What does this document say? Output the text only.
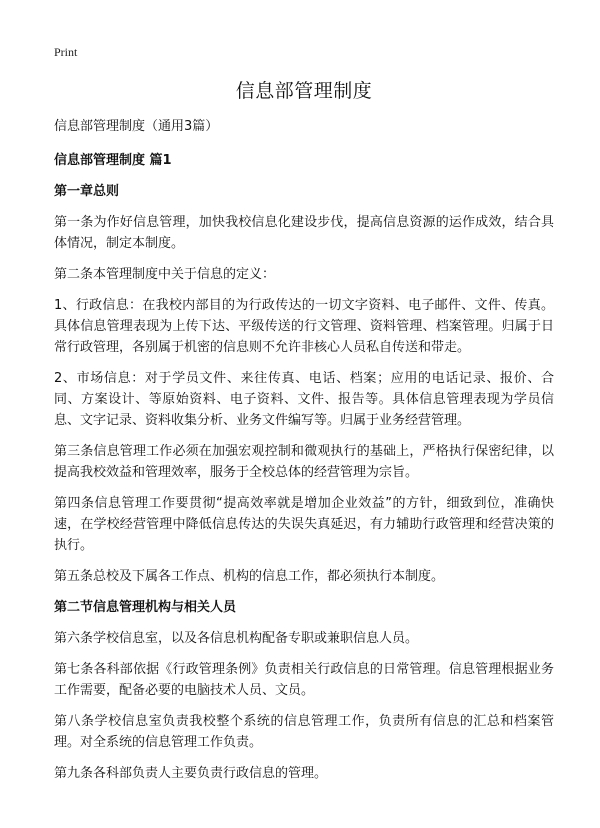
Print
信息部管理制度
信息部管理制度（通用3篇）
信息部管理制度 篇1
第一章总则
第一条为作好信息管理，加快我校信息化建设步伐，提高信息资源的运作成效，结合具体情况，制定本制度。
第二条本管理制度中关于信息的定义：
1、行政信息：在我校内部目的为行政传达的一切文字资料、电子邮件、文件、传真。具体信息管理表现为上传下达、平级传送的行文管理、资料管理、档案管理。归属于日常行政管理，各别属于机密的信息则不允许非核心人员私自传送和带走。
2、市场信息：对于学员文件、来往传真、电话、档案；应用的电话记录、报价、合同、方案设计、等原始资料、电子资料、文件、报告等。具体信息管理表现为学员信息、文字记录、资料收集分析、业务文件编写等。归属于业务经营管理。
第三条信息管理工作必须在加强宏观控制和微观执行的基础上，严格执行保密纪律，以提高我校效益和管理效率，服务于全校总体的经营管理为宗旨。
第四条信息管理工作要贯彻“提高效率就是增加企业效益”的方针，细致到位，准确快速，在学校经营管理中降低信息传达的失误失真延迟，有力辅助行政管理和经营决策的执行。
第五条总校及下属各工作点、机构的信息工作，都必须执行本制度。
第二节信息管理机构与相关人员
第六条学校信息室，以及各信息机构配备专职或兼职信息人员。
第七条各科部依据《行政管理条例》负责相关行政信息的日常管理。信息管理根据业务工作需要，配备必要的电脑技术人员、文员。
第八条学校信息室负责我校整个系统的信息管理工作，负责所有信息的汇总和档案管理。对全系统的信息管理工作负责。
第九条各科部负责人主要负责行政信息的管理。
